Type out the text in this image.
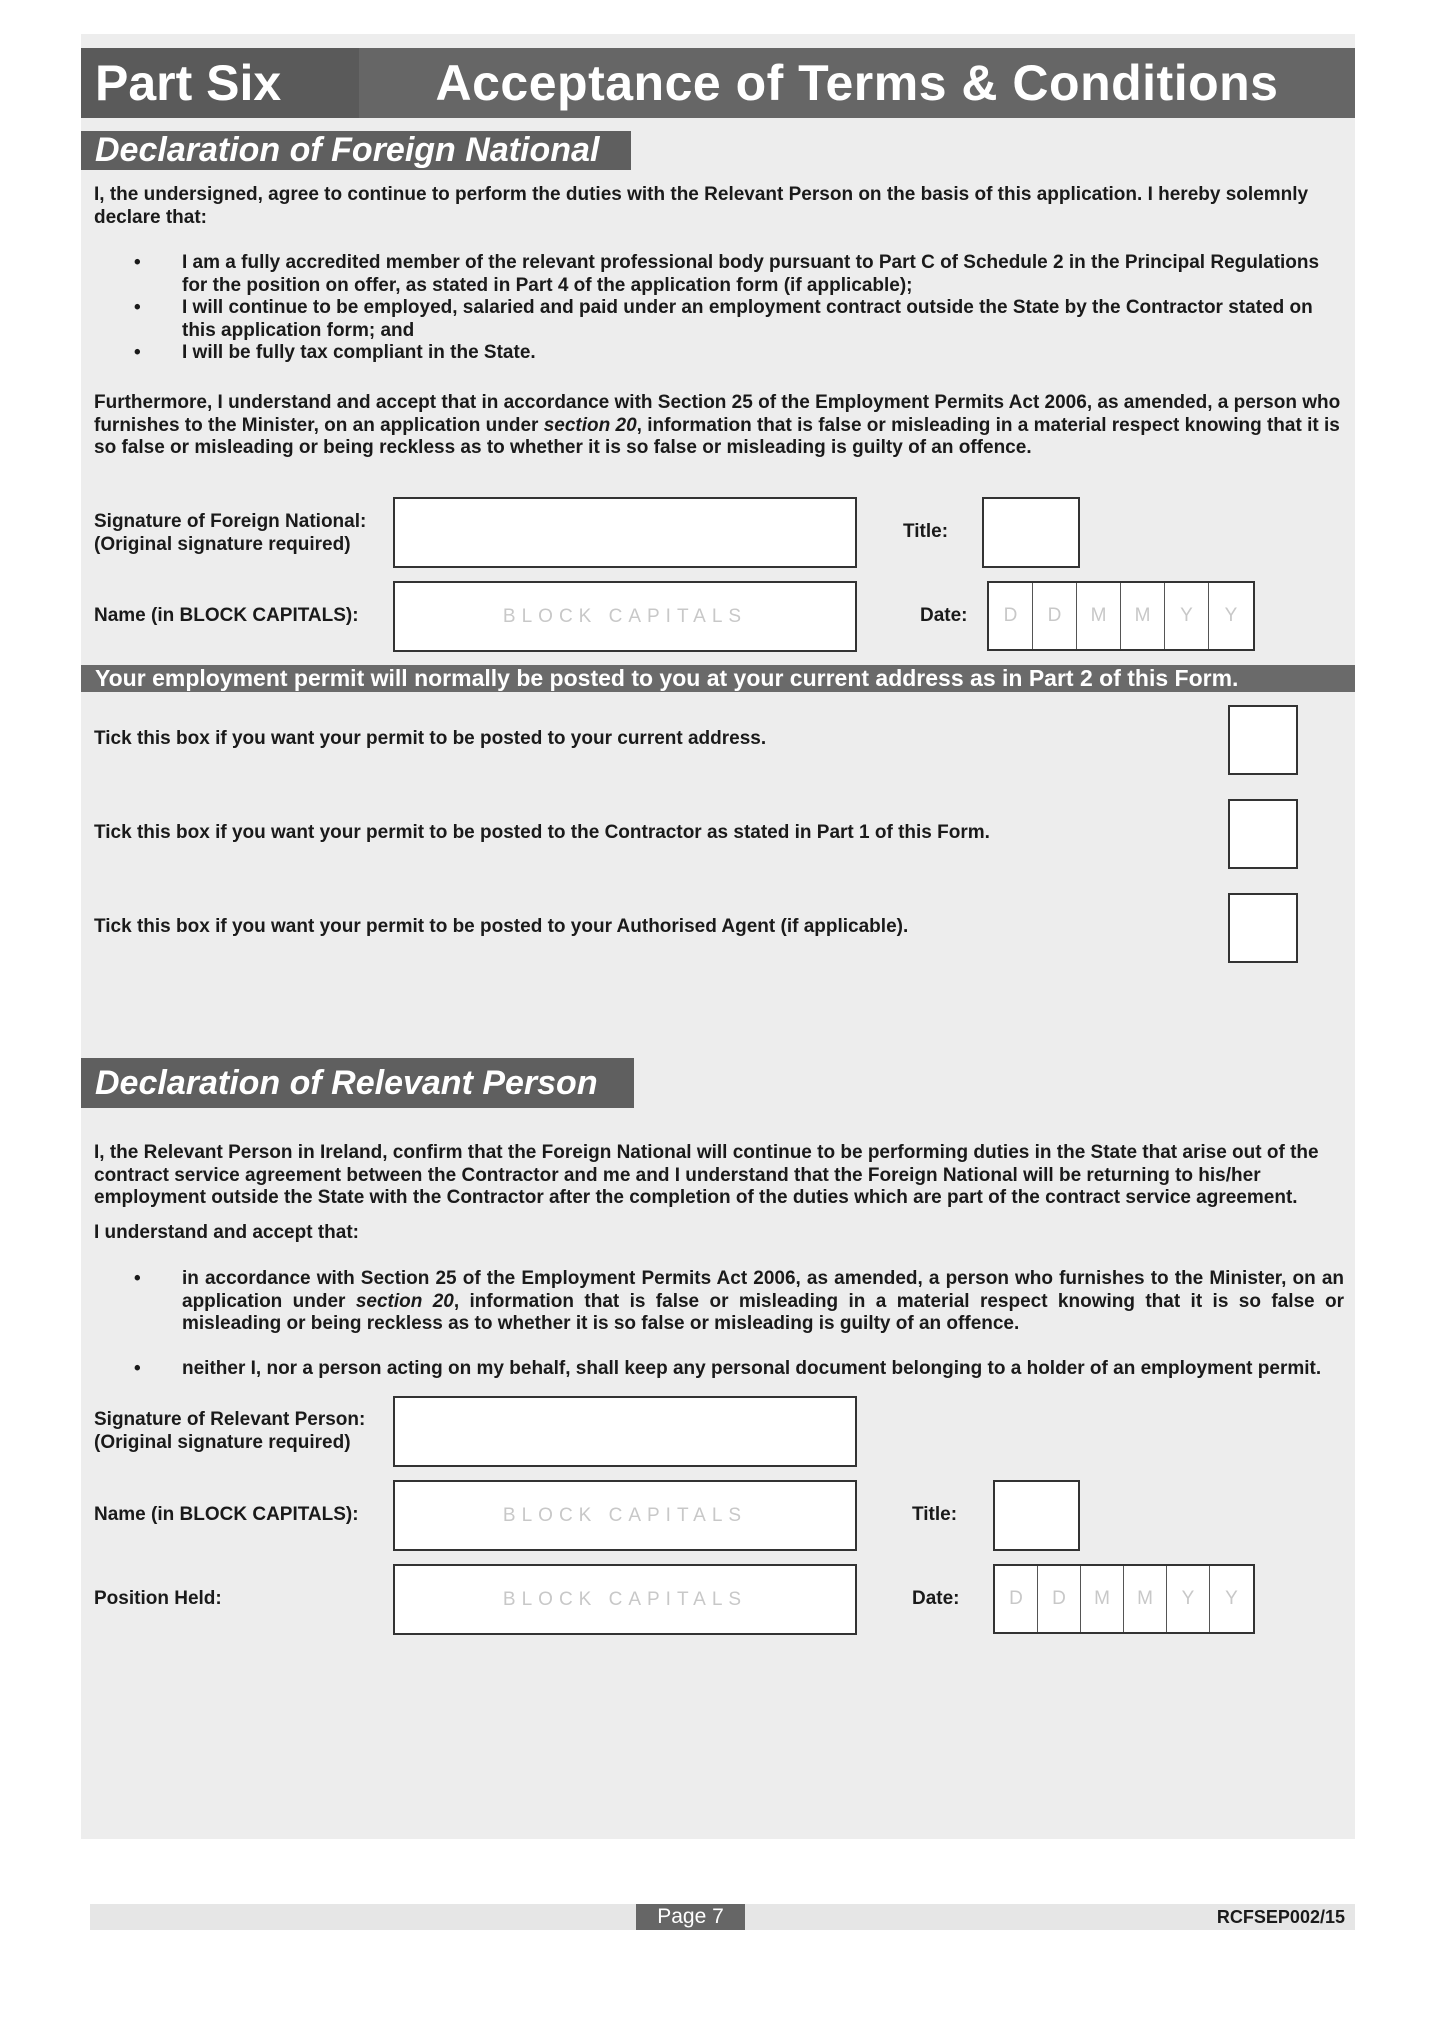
Part Six	Acceptance of Terms & Conditions
Declaration of Foreign National
I, the undersigned, agree to continue to perform the duties with the Relevant Person on the basis of this application. I hereby solemnly declare that:
• I am a fully accredited member of the relevant professional body pursuant to Part C of Schedule 2 in the Principal Regulations for the position on offer, as stated in Part 4 of the application form (if applicable);
• I will continue to be employed, salaried and paid under an employment contract outside the State by the Contractor stated on this application form; and
• I will be fully tax compliant in the State.
Furthermore, I understand and accept that in accordance with Section 25 of the Employment Permits Act 2006, as amended, a person who furnishes to the Minister, on an application under section 20, information that is false or misleading in a material respect knowing that it is so false or misleading or being reckless as to whether it is so false or misleading is guilty of an offence.
Signature of Foreign National:
(Original signature required)
Title:
Name (in BLOCK CAPITALS):	BLOCK CAPITALS	Date:	D	D	M	M	Y	Y
Your employment permit will normally be posted to you at your current address as in Part 2 of this Form.
Tick this box if you want your permit to be posted to your current address.
Tick this box if you want your permit to be posted to the Contractor as stated in Part 1 of this Form.
Tick this box if you want your permit to be posted to your Authorised Agent (if applicable).
Declaration of Relevant Person
I, the Relevant Person in Ireland, confirm that the Foreign National will continue to be performing duties in the State that arise out of the contract service agreement between the Contractor and me and I understand that the Foreign National will be returning to his/her employment outside the State with the Contractor after the completion of the duties which are part of the contract service agreement.
I understand and accept that:
• in accordance with Section 25 of the Employment Permits Act 2006, as amended, a person who furnishes to the Minister, on an application under section 20, information that is false or misleading in a material respect knowing that it is so false or misleading or being reckless as to whether it is so false or misleading is guilty of an offence.
• neither I, nor a person acting on my behalf, shall keep any personal document belonging to a holder of an employment permit.
Signature of Relevant Person:
(Original signature required)
Name (in BLOCK CAPITALS):	BLOCK CAPITALS	Title:
Position Held:	BLOCK CAPITALS	Date:	D	D	M	M	Y	Y
Page 7	RCFSEP002/15
